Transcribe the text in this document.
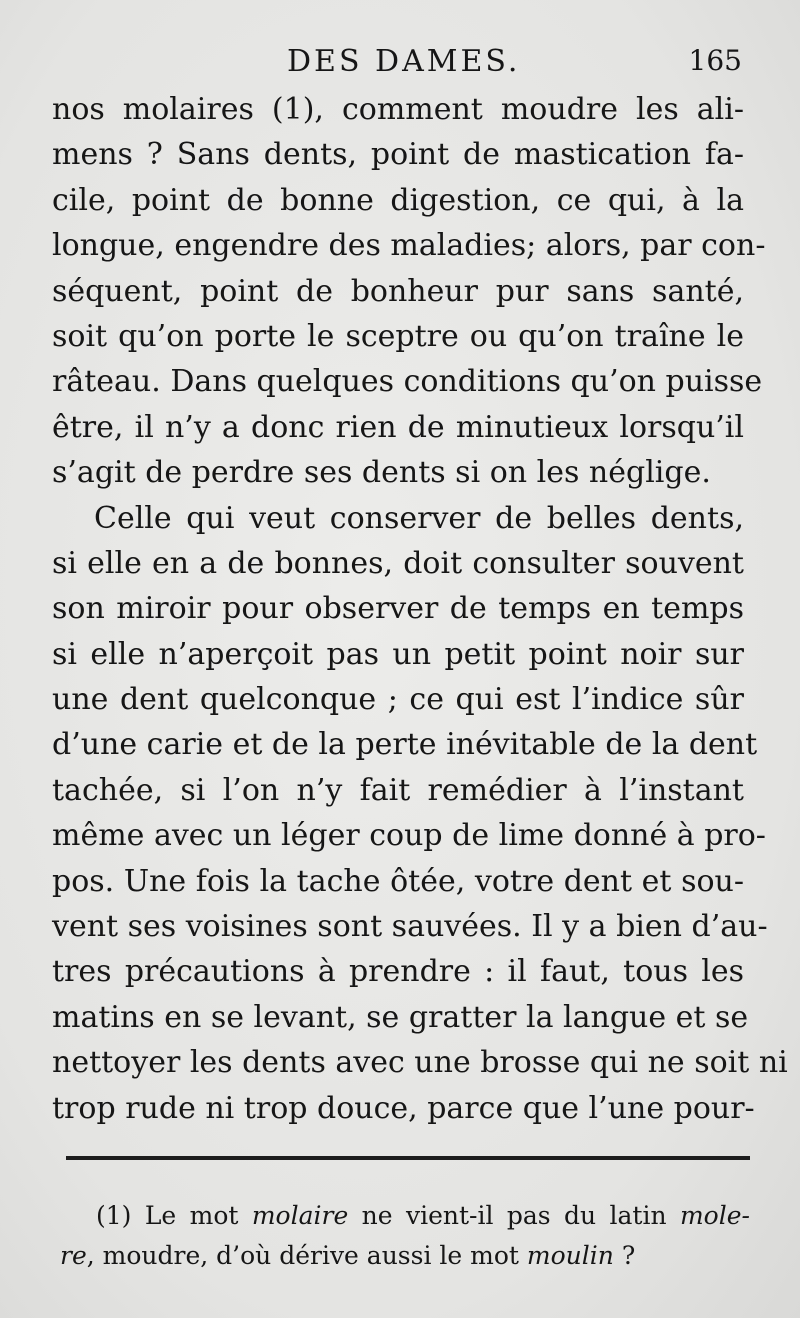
DES DAMES.	165
nos molaires (1), comment moudre les ali-
mens ? Sans dents, point de mastication fa-
cile, point de bonne digestion, ce qui, à la
longue, engendre des maladies; alors, par con-
séquent, point de bonheur pur sans santé,
soit qu’on porte le sceptre ou qu’on traîne le
râteau. Dans quelques conditions qu’on puisse
être, il n’y a donc rien de minutieux lorsqu’il
s’agit de perdre ses dents si on les néglige.
Celle qui veut conserver de belles dents,
si elle en a de bonnes, doit consulter souvent
son miroir pour observer de temps en temps
si elle n’aperçoit pas un petit point noir sur
une dent quelconque ; ce qui est l’indice sûr
d’une carie et de la perte inévitable de la dent
tachée, si l’on n’y fait remédier à l’instant
même avec un léger coup de lime donné à pro-
pos. Une fois la tache ôtée, votre dent et sou-
vent ses voisines sont sauvées. Il y a bien d’au-
tres précautions à prendre : il faut, tous les
matins en se levant, se gratter la langue et se
nettoyer les dents avec une brosse qui ne soit ni
trop rude ni trop douce, parce que l’une pour-
(1) Le mot molaire ne vient-il pas du latin mole-
re, moudre, d’où dérive aussi le mot moulin ?
